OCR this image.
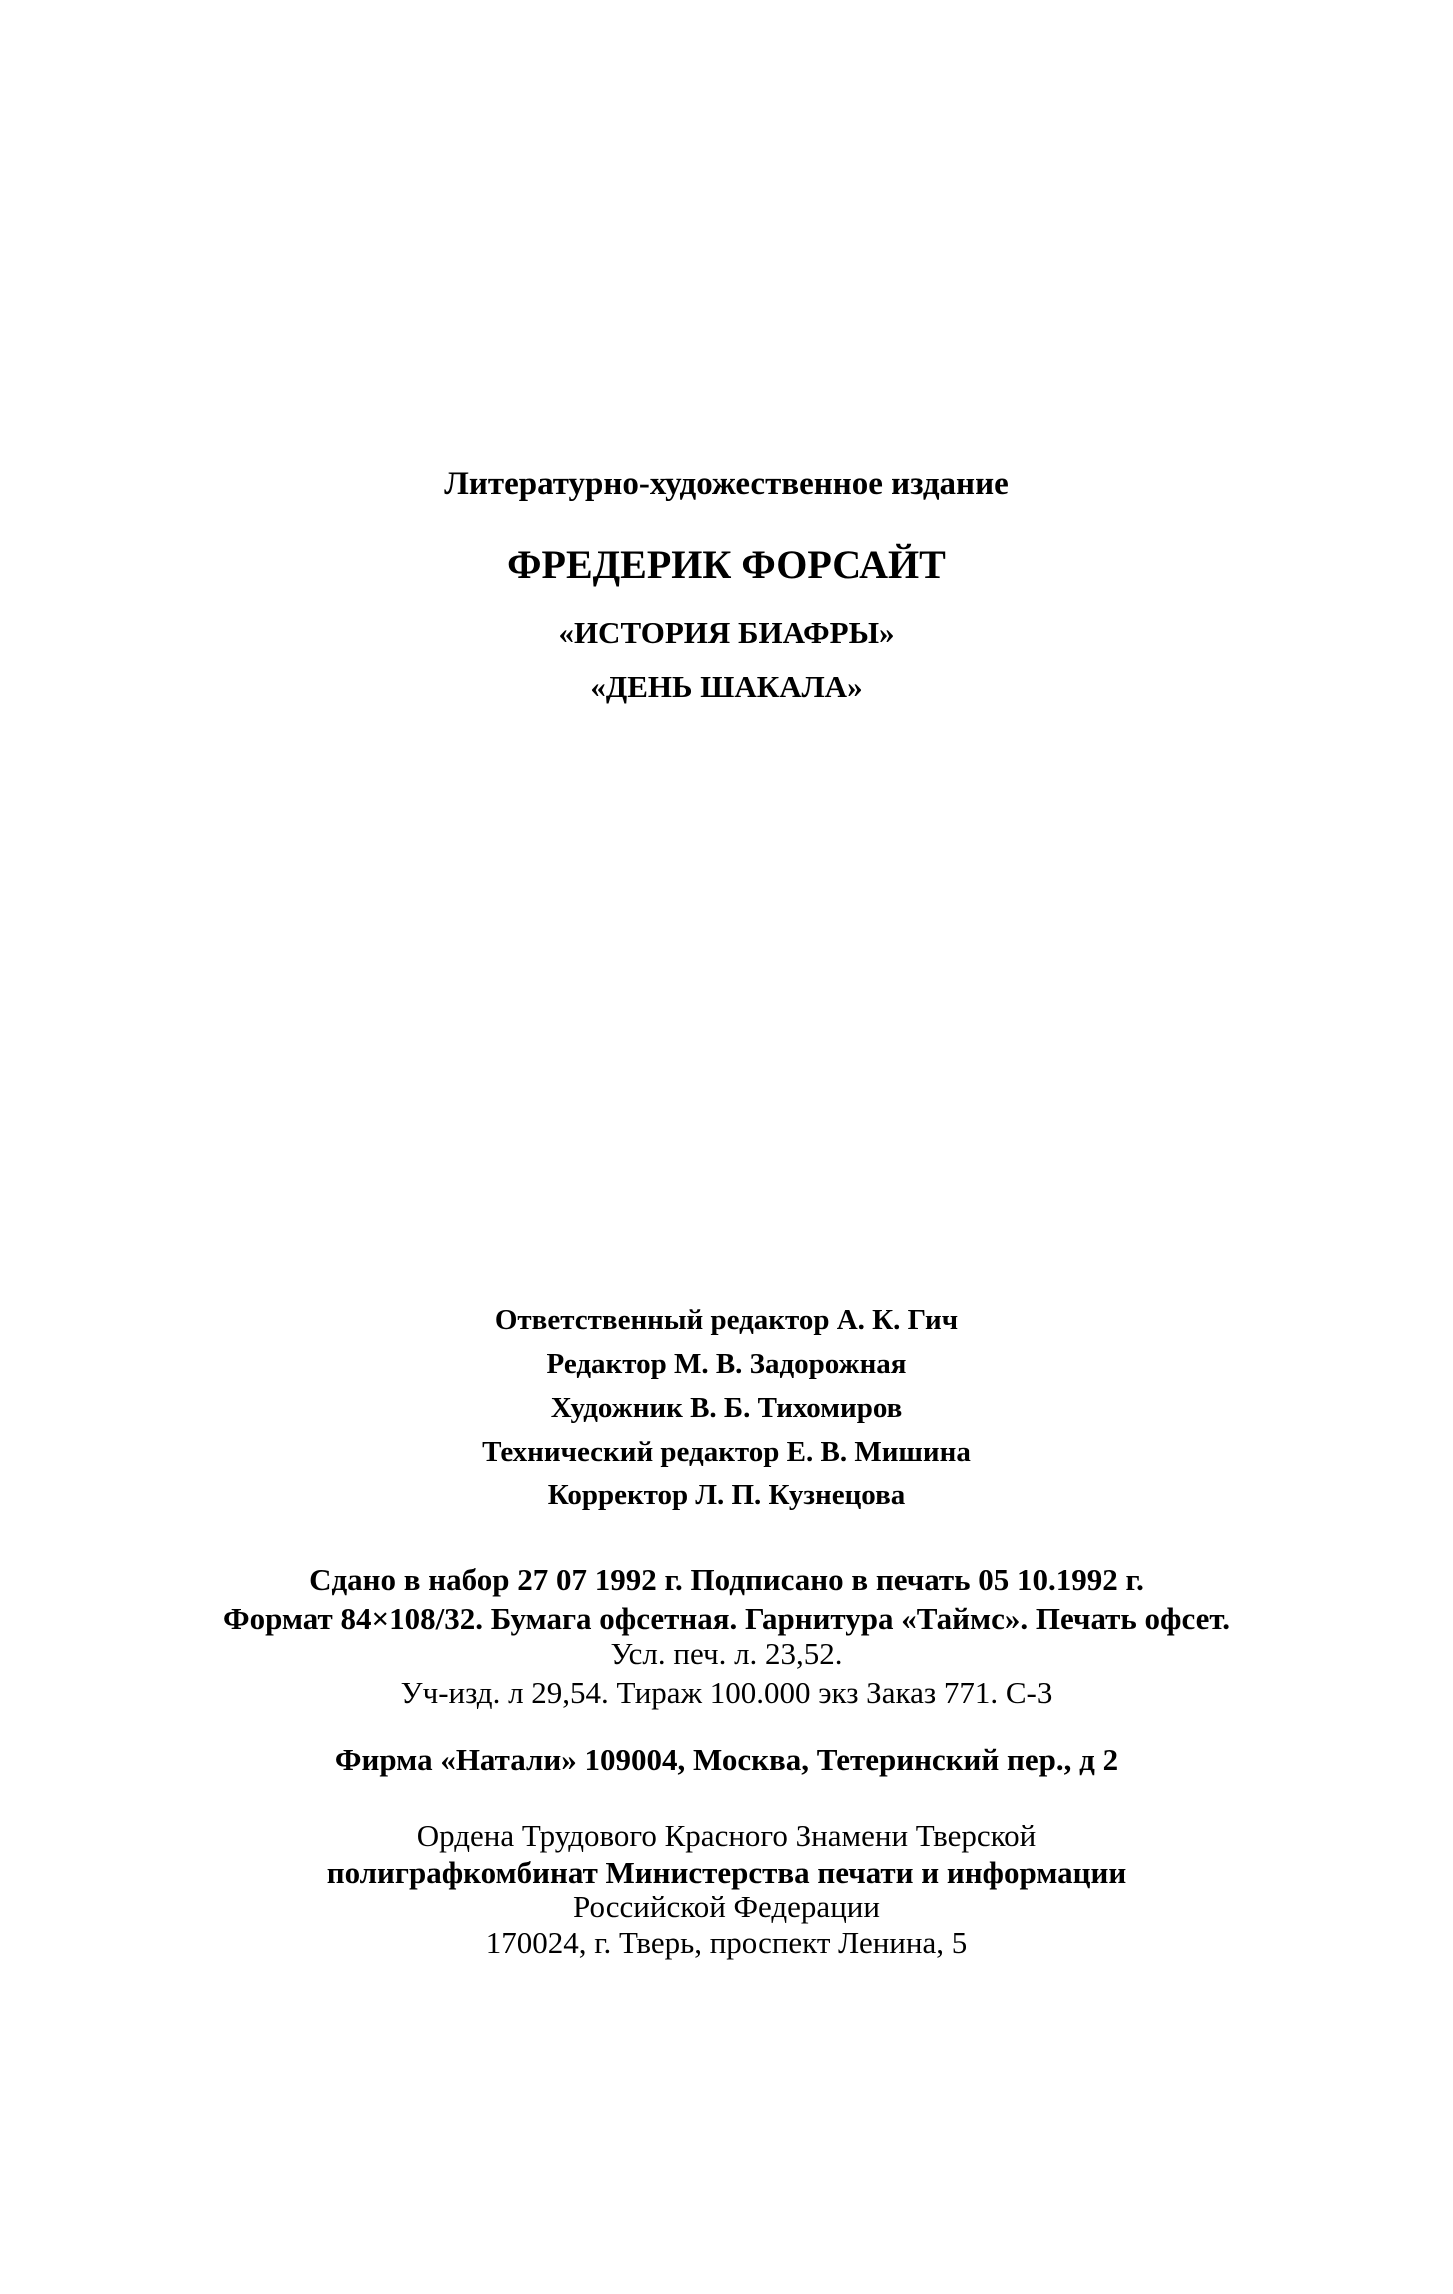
Литературно-художественное издание
ФРЕДЕРИК ФОРСАЙТ
«ИСТОРИЯ БИАФРЫ»
«ДЕНЬ ШАКАЛА»
Ответственный редактор А. К. Гич
Редактор М. В. Задорожная
Художник В. Б. Тихомиров
Технический редактор Е. В. Мишина
Корректор Л. П. Кузнецова
Сдано в набор 27 07 1992 г. Подписано в печать 05 10.1992 г.
Формат 84×108/32. Бумага офсетная. Гарнитура «Таймс». Печать офсет.
Усл. печ. л. 23,52.
Уч-изд. л 29,54. Тираж 100.000 экз Заказ 771. С-3
Фирма «Натали» 109004, Москва, Тетеринский пер., д 2
Ордена Трудового Красного Знамени Тверской
полиграфкомбинат Министерства печати и информации
Российской Федерации
170024, г. Тверь, проспект Ленина, 5
